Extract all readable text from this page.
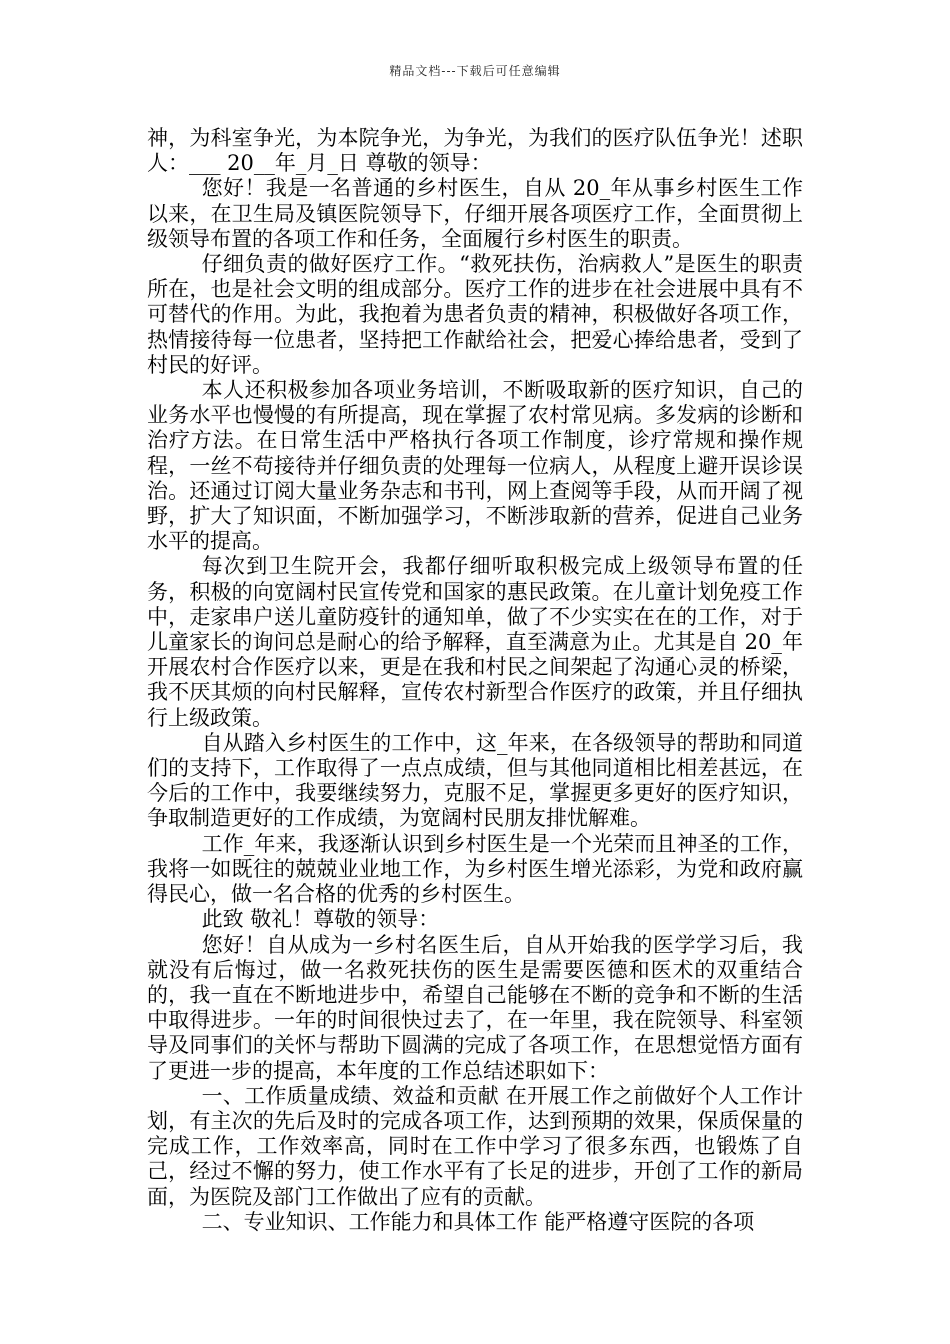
精品文档---下载后可任意编辑

神，为科室争光，为本院争光，为争光，为我们的医疗队伍争光！述职人：___ 20__年_月_日 尊敬的领导：

您好！我是一名普通的乡村医生，自从 20_年从事乡村医生工作以来，在卫生局及镇医院领导下，仔细开展各项医疗工作，全面贯彻上级领导布置的各项工作和任务，全面履行乡村医生的职责。

仔细负责的做好医疗工作。“救死扶伤，治病救人”是医生的职责所在，也是社会文明的组成部分。医疗工作的进步在社会进展中具有不可替代的作用。为此，我抱着为患者负责的精神，积极做好各项工作，热情接待每一位患者，坚持把工作献给社会，把爱心捧给患者，受到了村民的好评。

本人还积极参加各项业务培训，不断吸取新的医疗知识，自己的业务水平也慢慢的有所提高，现在掌握了农村常见病。多发病的诊断和治疗方法。在日常生活中严格执行各项工作制度，诊疗常规和操作规程，一丝不苟接待并仔细负责的处理每一位病人，从程度上避开误诊误治。还通过订阅大量业务杂志和书刊，网上查阅等手段，从而开阔了视野，扩大了知识面，不断加强学习，不断涉取新的营养，促进自己业务水平的提高。

每次到卫生院开会，我都仔细听取积极完成上级领导布置的任务，积极的向宽阔村民宣传党和国家的惠民政策。在儿童计划免疫工作中，走家串户送儿童防疫针的通知单，做了不少实实在在的工作，对于儿童家长的询问总是耐心的给予解释，直至满意为止。尤其是自 20_年开展农村合作医疗以来，更是在我和村民之间架起了沟通心灵的桥梁，我不厌其烦的向村民解释，宣传农村新型合作医疗的政策，并且仔细执行上级政策。

自从踏入乡村医生的工作中，这_年来，在各级领导的帮助和同道们的支持下，工作取得了一点点成绩，但与其他同道相比相差甚远，在今后的工作中，我要继续努力，克服不足，掌握更多更好的医疗知识，争取制造更好的工作成绩，为宽阔村民朋友排忧解难。

工作_年来，我逐渐认识到乡村医生是一个光荣而且神圣的工作，我将一如既往的兢兢业业地工作，为乡村医生增光添彩，为党和政府赢得民心，做一名合格的优秀的乡村医生。

此致 敬礼！尊敬的领导：

您好！自从成为一乡村名医生后，自从开始我的医学学习后，我就没有后悔过，做一名救死扶伤的医生是需要医德和医术的双重结合的，我一直在不断地进步中，希望自己能够在不断的竞争和不断的生活中取得进步。一年的时间很快过去了，在一年里，我在院领导、科室领导及同事们的关怀与帮助下圆满的完成了各项工作，在思想觉悟方面有了更进一步的提高，本年度的工作总结述职如下：

一、工作质量成绩、效益和贡献 在开展工作之前做好个人工作计划，有主次的先后及时的完成各项工作，达到预期的效果，保质保量的完成工作，工作效率高，同时在工作中学习了很多东西，也锻炼了自己，经过不懈的努力，使工作水平有了长足的进步，开创了工作的新局面，为医院及部门工作做出了应有的贡献。

二、专业知识、工作能力和具体工作 能严格遵守医院的各项
